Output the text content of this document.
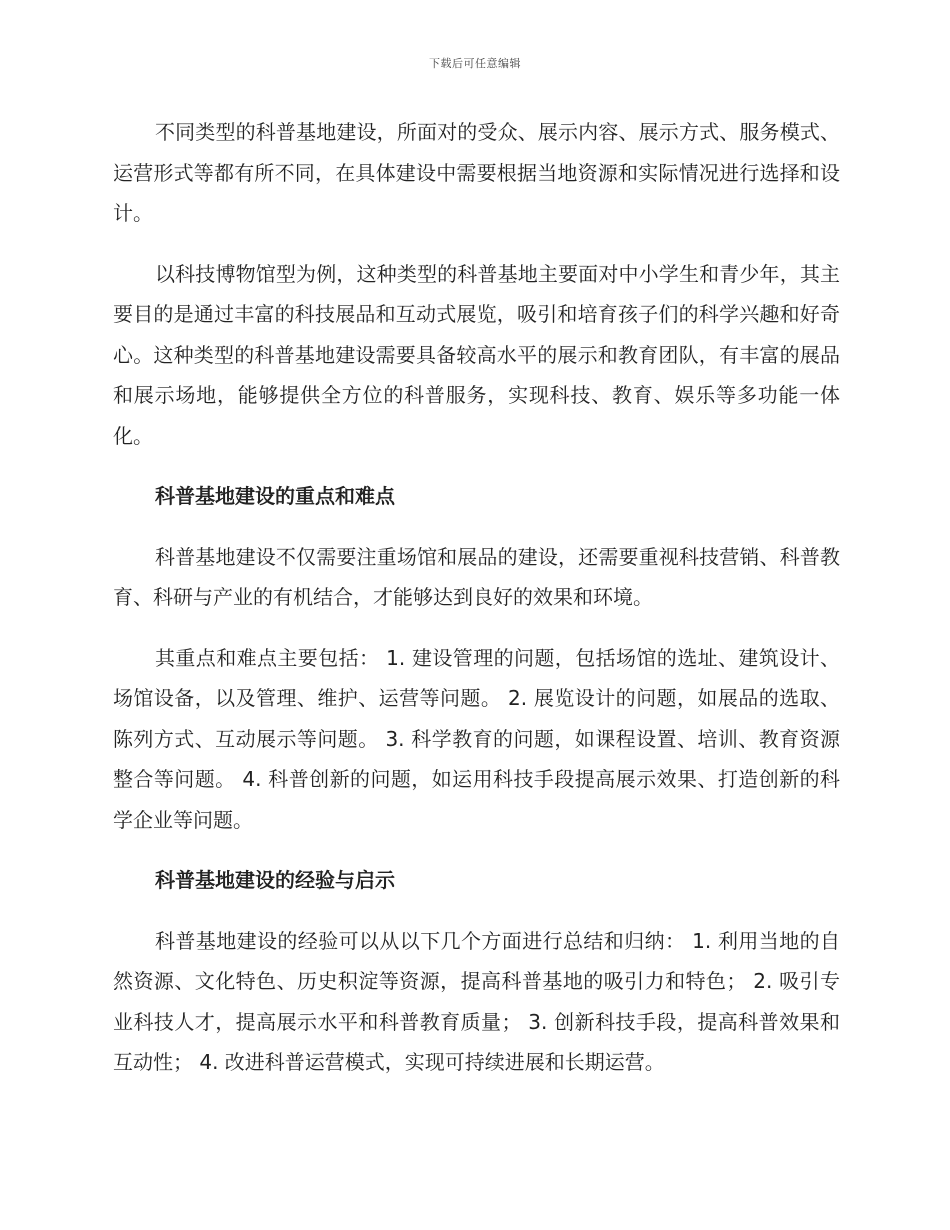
下载后可任意编辑

不同类型的科普基地建设，所面对的受众、展示内容、展示方式、服务模式、运营形式等都有所不同，在具体建设中需要根据当地资源和实际情况进行选择和设计。

以科技博物馆型为例，这种类型的科普基地主要面对中小学生和青少年，其主要目的是通过丰富的科技展品和互动式展览，吸引和培育孩子们的科学兴趣和好奇心。这种类型的科普基地建设需要具备较高水平的展示和教育团队，有丰富的展品和展示场地，能够提供全方位的科普服务，实现科技、教育、娱乐等多功能一体化。

科普基地建设的重点和难点

科普基地建设不仅需要注重场馆和展品的建设，还需要重视科技营销、科普教育、科研与产业的有机结合，才能够达到良好的效果和环境。

其重点和难点主要包括： 1. 建设管理的问题，包括场馆的选址、建筑设计、场馆设备，以及管理、维护、运营等问题。 2. 展览设计的问题，如展品的选取、陈列方式、互动展示等问题。 3. 科学教育的问题，如课程设置、培训、教育资源整合等问题。 4. 科普创新的问题，如运用科技手段提高展示效果、打造创新的科学企业等问题。

科普基地建设的经验与启示

科普基地建设的经验可以从以下几个方面进行总结和归纳： 1. 利用当地的自然资源、文化特色、历史积淀等资源，提高科普基地的吸引力和特色； 2. 吸引专业科技人才，提高展示水平和科普教育质量； 3. 创新科技手段，提高科普效果和互动性； 4. 改进科普运营模式，实现可持续进展和长期运营。
